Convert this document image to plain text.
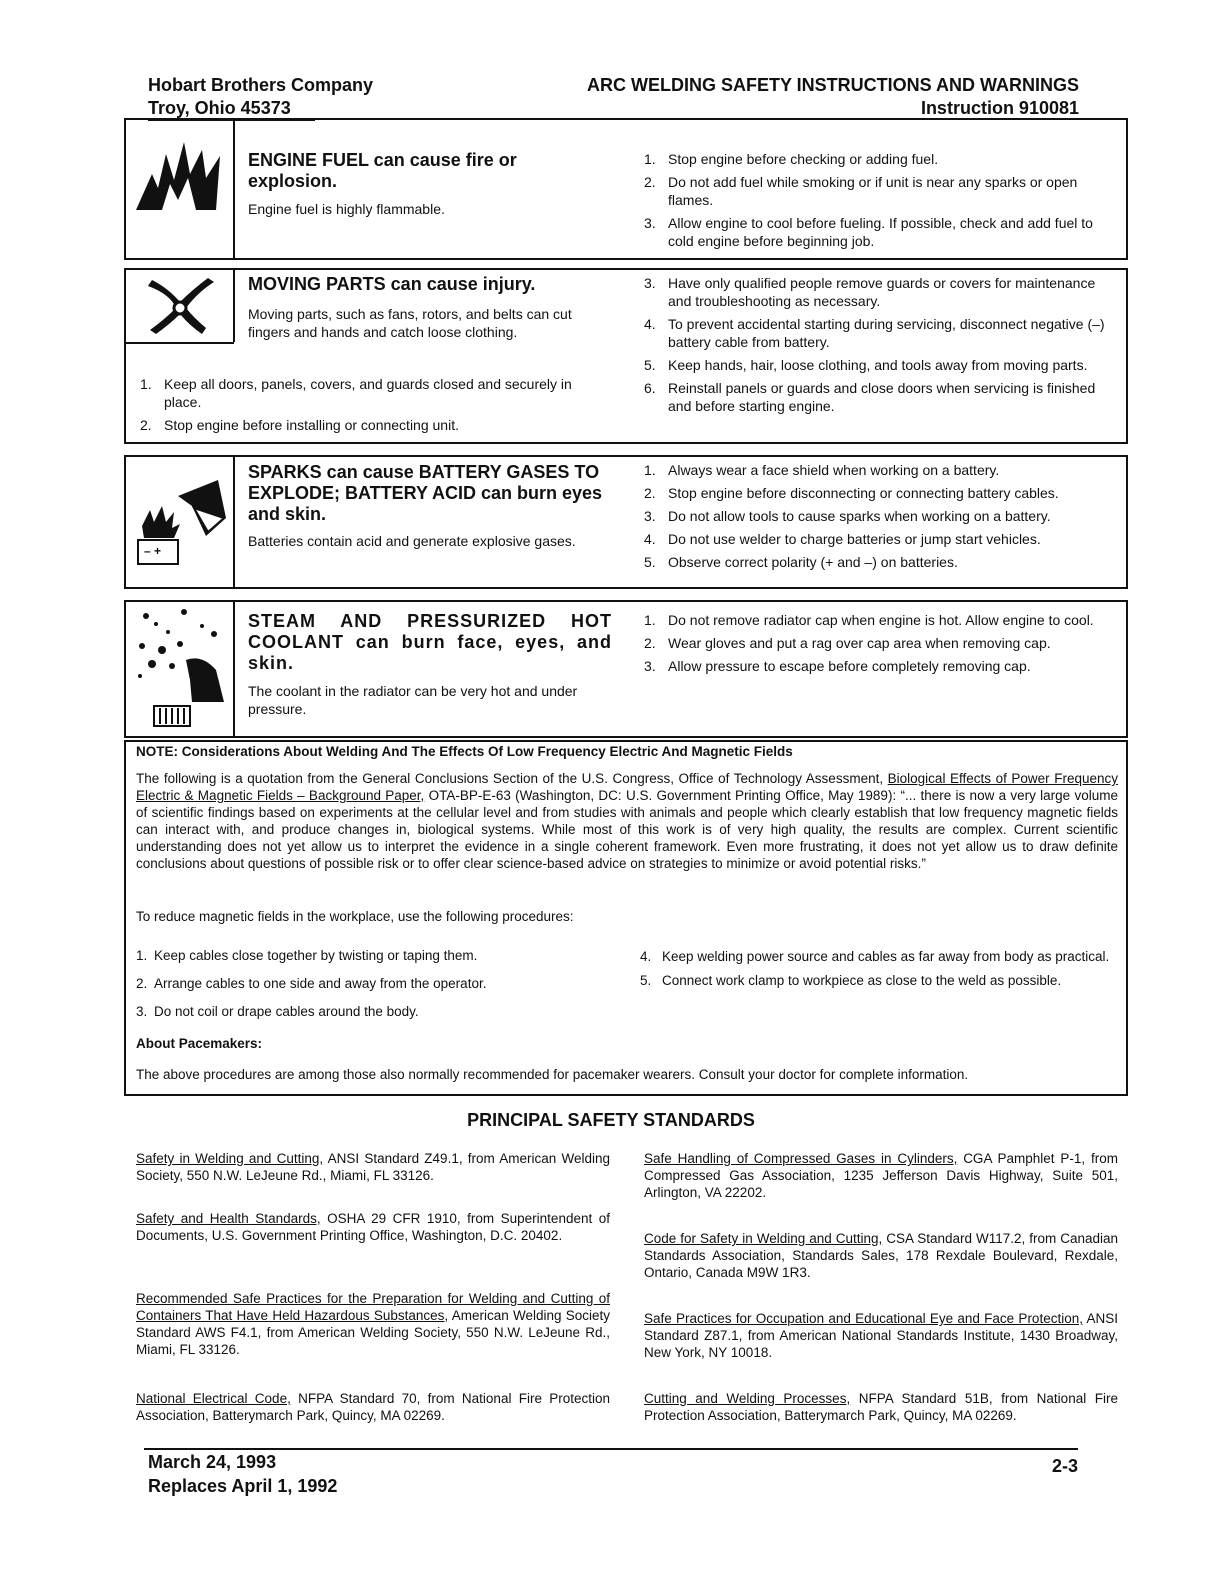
Hobart Brothers Company
Troy, Ohio 45373
ARC WELDING SAFETY INSTRUCTIONS AND WARNINGS
Instruction 910081
ENGINE FUEL can cause fire or explosion.
Engine fuel is highly flammable.
1. Stop engine before checking or adding fuel.
2. Do not add fuel while smoking or if unit is near any sparks or open flames.
3. Allow engine to cool before fueling. If possible, check and add fuel to cold engine before beginning job.
MOVING PARTS can cause injury.
Moving parts, such as fans, rotors, and belts can cut fingers and hands and catch loose clothing.
1. Keep all doors, panels, covers, and guards closed and securely in place.
2. Stop engine before installing or connecting unit.
3. Have only qualified people remove guards or covers for maintenance and troubleshooting as necessary.
4. To prevent accidental starting during servicing, disconnect negative (–) battery cable from battery.
5. Keep hands, hair, loose clothing, and tools away from moving parts.
6. Reinstall panels or guards and close doors when servicing is finished and before starting engine.
– +
SPARKS can cause BATTERY GASES TO EXPLODE; BATTERY ACID can burn eyes and skin.
Batteries contain acid and generate explosive gases.
1. Always wear a face shield when working on a battery.
2. Stop engine before disconnecting or connecting battery cables.
3. Do not allow tools to cause sparks when working on a battery.
4. Do not use welder to charge batteries or jump start vehicles.
5. Observe correct polarity (+ and –) on batteries.
STEAM AND PRESSURIZED HOT COOLANT can burn face, eyes, and skin.
The coolant in the radiator can be very hot and under pressure.
1. Do not remove radiator cap when engine is hot. Allow engine to cool.
2. Wear gloves and put a rag over cap area when removing cap.
3. Allow pressure to escape before completely removing cap.
NOTE: Considerations About Welding And The Effects Of Low Frequency Electric And Magnetic Fields
The following is a quotation from the General Conclusions Section of the U.S. Congress, Office of Technology Assessment, Biological Effects of Power Frequency Electric & Magnetic Fields – Background Paper, OTA-BP-E-63 (Washington, DC: U.S. Government Printing Office, May 1989): “... there is now a very large volume of scientific findings based on experiments at the cellular level and from studies with animals and people which clearly establish that low frequency magnetic fields can interact with, and produce changes in, biological systems. While most of this work is of very high quality, the results are complex. Current scientific understanding does not yet allow us to interpret the evidence in a single coherent framework. Even more frustrating, it does not yet allow us to draw definite conclusions about questions of possible risk or to offer clear science-based advice on strategies to minimize or avoid potential risks.”
To reduce magnetic fields in the workplace, use the following procedures:
1. Keep cables close together by twisting or taping them.
2. Arrange cables to one side and away from the operator.
3. Do not coil or drape cables around the body.
4. Keep welding power source and cables as far away from body as practical.
5. Connect work clamp to workpiece as close to the weld as possible.
About Pacemakers:
The above procedures are among those also normally recommended for pacemaker wearers. Consult your doctor for complete information.
PRINCIPAL SAFETY STANDARDS
Safety in Welding and Cutting, ANSI Standard Z49.1, from American Welding Society, 550 N.W. LeJeune Rd., Miami, FL 33126.
Safety and Health Standards, OSHA 29 CFR 1910, from Superintendent of Documents, U.S. Government Printing Office, Washington, D.C. 20402.
Recommended Safe Practices for the Preparation for Welding and Cutting of Containers That Have Held Hazardous Substances, American Welding Society Standard AWS F4.1, from American Welding Society, 550 N.W. LeJeune Rd., Miami, FL 33126.
National Electrical Code, NFPA Standard 70, from National Fire Protection Association, Batterymarch Park, Quincy, MA 02269.
Safe Handling of Compressed Gases in Cylinders, CGA Pamphlet P-1, from Compressed Gas Association, 1235 Jefferson Davis Highway, Suite 501, Arlington, VA 22202.
Code for Safety in Welding and Cutting, CSA Standard W117.2, from Canadian Standards Association, Standards Sales, 178 Rexdale Boulevard, Rexdale, Ontario, Canada M9W 1R3.
Safe Practices for Occupation and Educational Eye and Face Protection, ANSI Standard Z87.1, from American National Standards Institute, 1430 Broadway, New York, NY 10018.
Cutting and Welding Processes, NFPA Standard 51B, from National Fire Protection Association, Batterymarch Park, Quincy, MA 02269.
March 24, 1993
Replaces April 1, 1992
2-3
